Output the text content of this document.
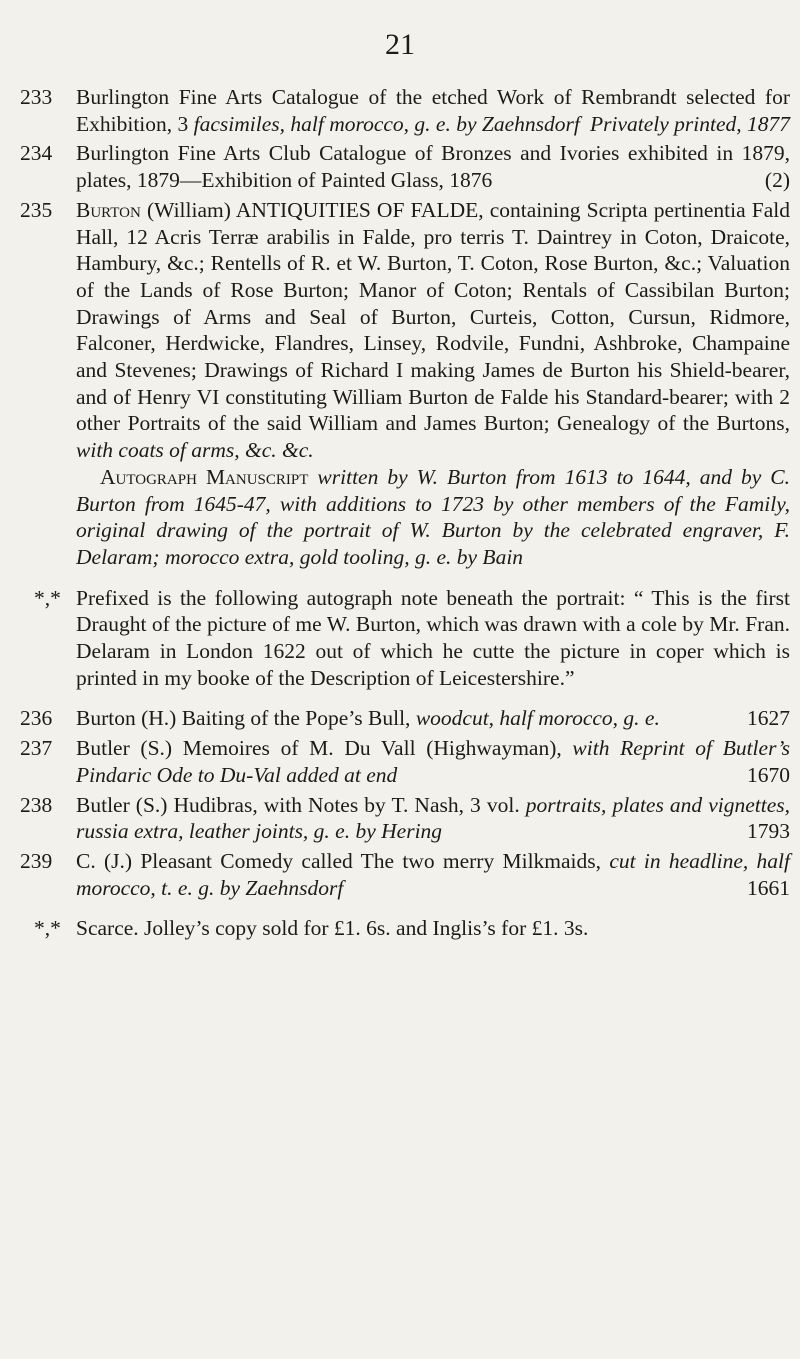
21
233	Burlington Fine Arts Catalogue of the etched Work of Rembrandt selected for Exhibition, 3 facsimiles, half morocco, g. e. by Zaehnsdorf Privately printed, 1877

234	Burlington Fine Arts Club Catalogue of Bronzes and Ivories exhibited in 1879, plates, 1879—Exhibition of Painted Glass, 1876	(2)

235	Burton (William) ANTIQUITIES OF FALDE, containing Scripta pertinentia Fald Hall, 12 Acris Terræ arabilis in Falde, pro terris T. Daintrey in Coton, Draicote, Hambury, &c.; Rentells of R. et W. Burton, T. Coton, Rose Burton, &c.; Valuation of the Lands of Rose Burton; Manor of Coton; Rentals of Cassibilan Burton; Drawings of Arms and Seal of Burton, Curteis, Cotton, Cursun, Ridmore, Falconer, Herdwicke, Flandres, Linsey, Rodvile, Fundni, Ashbroke, Champaine and Stevenes; Drawings of Richard I making James de Burton his Shield-bearer, and of Henry VI constituting William Burton de Falde his Standard-bearer; with 2 other Portraits of the said William and James Burton; Genealogy of the Burtons, with coats of arms, &c. &c.

Autograph Manuscript written by W. Burton from 1613 to 1644, and by C. Burton from 1645-47, with additions to 1723 by other members of the Family, original drawing of the portrait of W. Burton by the celebrated engraver, F. Delaram; morocco extra, gold tooling, g. e. by Bain

*,* Prefixed is the following autograph note beneath the portrait: “ This is the first Draught of the picture of me W. Burton, which was drawn with a cole by Mr. Fran. Delaram in London 1622 out of which he cutte the picture in coper which is printed in my booke of the Description of Leicestershire.”

236	Burton (H.) Baiting of the Pope’s Bull, woodcut, half morocco, g. e.	1627

237	Butler (S.) Memoires of M. Du Vall (Highwayman), with Reprint of Butler’s Pindaric Ode to Du-Val added at end	1670

238	Butler (S.) Hudibras, with Notes by T. Nash, 3 vol. portraits, plates and vignettes, russia extra, leather joints, g. e. by Hering	1793

239	C. (J.) Pleasant Comedy called The two merry Milkmaids, cut in headline, half morocco, t. e. g. by Zaehnsdorf	1661

*,* Scarce. Jolley’s copy sold for £1. 6s. and Inglis’s for £1. 3s.
